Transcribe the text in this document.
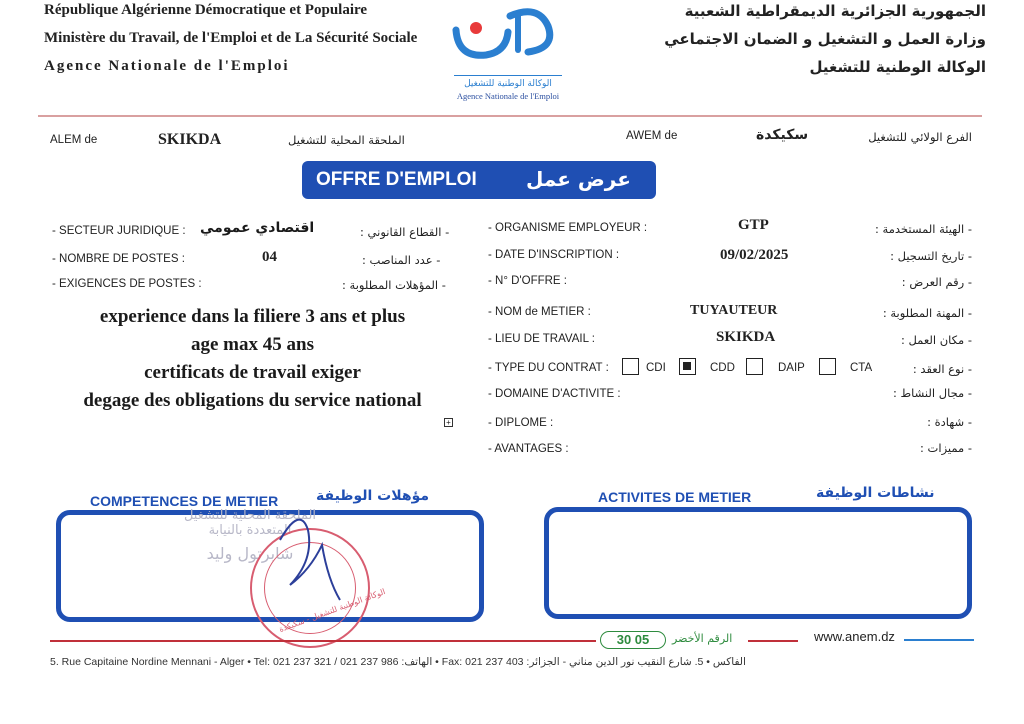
République Algérienne Démocratique et Populaire
Ministère du Travail, de l'Emploi et de La Sécurité Sociale
Agence Nationale de l'Emploi
الجمهورية الجزائرية الديمقراطية الشعبية
وزارة العمل و التشغيل و الضمان الاجتماعي
الوكالة الوطنية للتشغيل
الوكالة الوطنية للتشغيل
Agence Nationale de l'Emploi
ALEM de	SKIKDA	الملحقة المحلية للتشغيل	AWEM de	سكيكدة	الفرع الولائي للتشغيل
OFFRE D'EMPLOI عرض عمل
- SECTEUR JURIDIQUE : اقتصادي عمومي	- القطاع القانوني :
- NOMBRE DE POSTES :	04	- عدد المناصب :
- EXIGENCES DE POSTES :	- المؤهلات المطلوبة :
experience dans la filiere 3 ans et plus
age max 45 ans
certificats de travail exiger
degage des obligations du service national
+
- ORGANISME EMPLOYEUR :	GTP	- الهيئة المستخدمة :
- DATE D'INSCRIPTION :	09/02/2025	- تاريخ التسجيل :
- N° D'OFFRE :	- رقم العرض :
- NOM de METIER :	TUYAUTEUR	- المهنة المطلوبة :
- LIEU DE TRAVAIL :	SKIKDA	- مكان العمل :
- TYPE DU CONTRAT :	CDI	CDD	DAIP	CTA	- نوع العقد :
- DOMAINE D'ACTIVITE :	- مجال النشاط :
- DIPLOME :	- شهادة :
- AVANTAGES :	- مميزات :
COMPETENCES DE METIER	مؤهلات الوظيفة
الملحقة المحلية للتشغيل
المتعددة بالنيابة
شابرتول وليد
الوكالة الوطنية للتشغيل - سكيكدة
ACTIVITES DE METIER	نشاطات الوظيفة
30 05	الرقم الأخضر	www.anem.dz
5. Rue Capitaine Nordine Mennani - Alger • Tel: 021 237 321 / 021 237 986 :الهاتف • Fax: 021 237 403 :الفاكس • 5. شارع النقيب نور الدين مناني - الجزائر
